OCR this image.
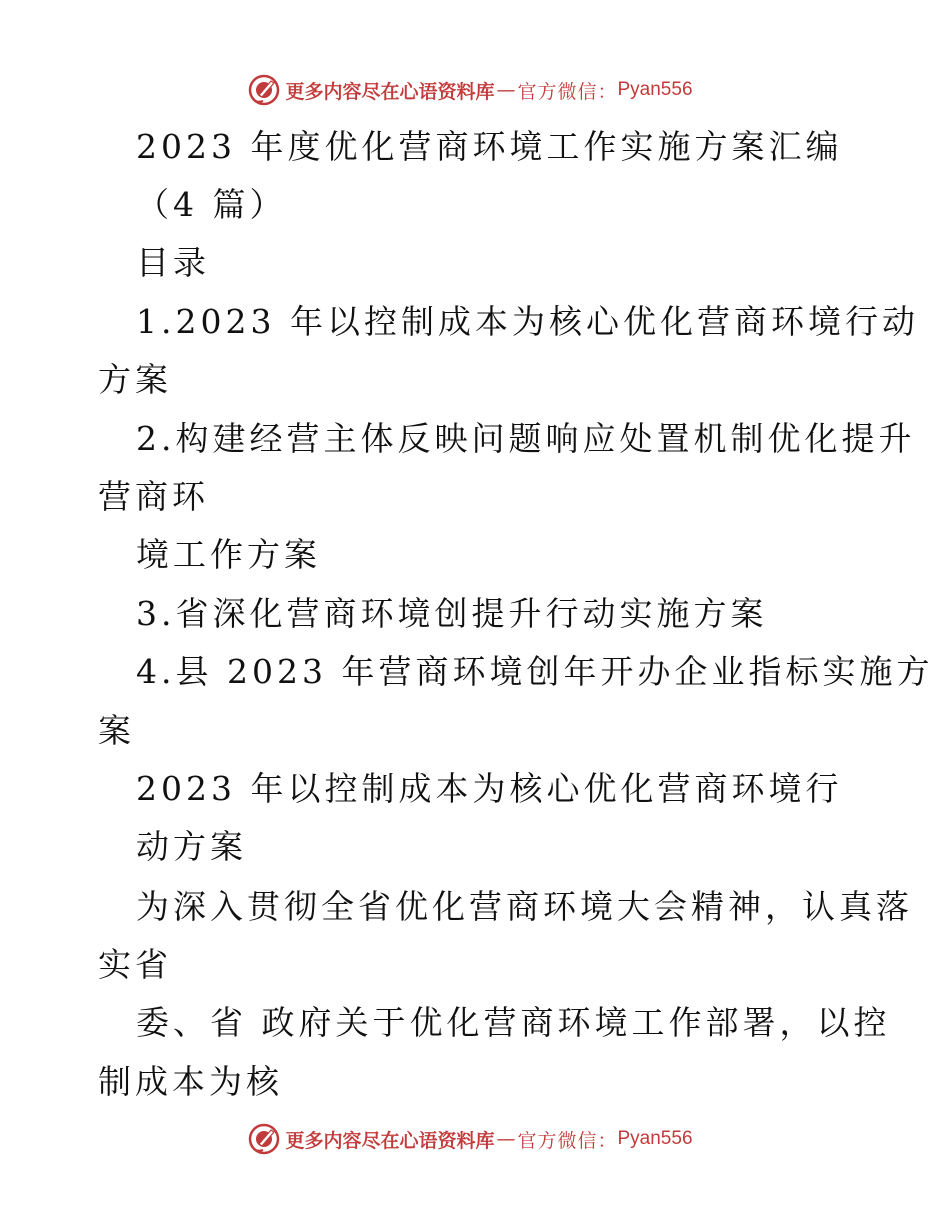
更多内容尽在心语资料库 — 官方微信： Pyan556
2023 年度优化营商环境工作实施方案汇编
（4 篇）
目录
1.2023 年以控制成本为核心优化营商环境行动
方案
2.构建经营主体反映问题响应处置机制优化提升
营商环
境工作方案
3.省深化营商环境创提升行动实施方案
4.县 2023 年营商环境创年开办企业指标实施方
案
2023 年以控制成本为核心优化营商环境行
动方案
为深入贯彻全省优化营商环境大会精神，认真落
实省
委、省 政府关于优化营商环境工作部署，以控
制成本为核
更多内容尽在心语资料库 — 官方微信： Pyan556
